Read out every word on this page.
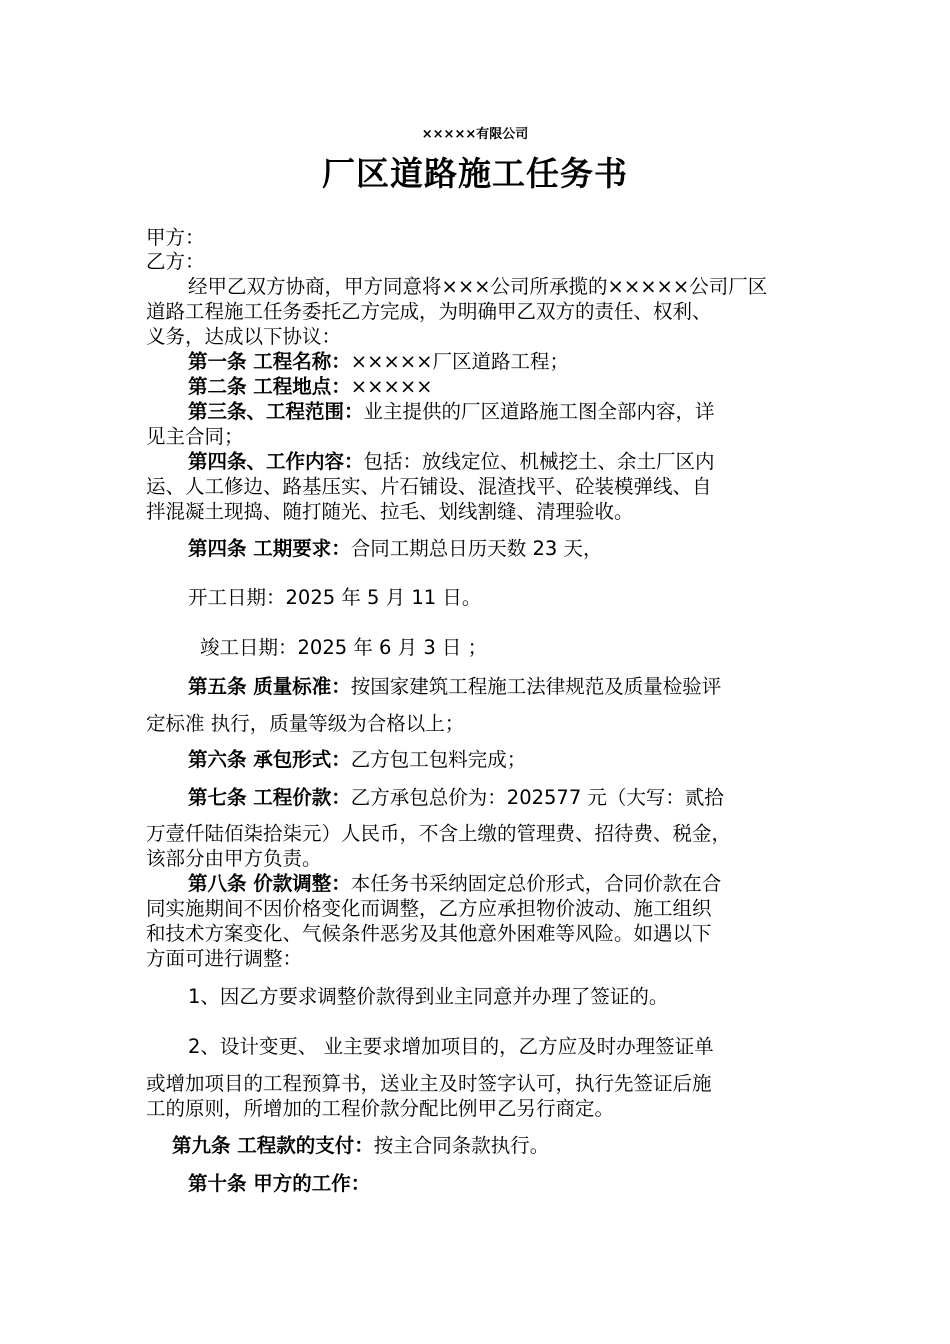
×××××有限公司
厂区道路施工任务书
甲方：
乙方：
经甲乙双方协商，甲方同意将×××公司所承揽的×××××公司厂区
道路工程施工任务委托乙方完成，为明确甲乙双方的责任、权利、
义务，达成以下协议：
第一条 工程名称：×××××厂区道路工程；
第二条 工程地点：×××××
第三条、工程范围：业主提供的厂区道路施工图全部内容，详
见主合同；
第四条、工作内容：包括：放线定位、机械挖土、余土厂区内
运、人工修边、路基压实、片石铺设、混渣找平、砼装模弹线、自
拌混凝土现捣、随打随光、拉毛、划线割缝、清理验收。
第四条 工期要求：合同工期总日历天数 23 天，
开工日期：2025 年 5 月 11 日。
竣工日期：2025 年 6 月 3 日 ；
第五条 质量标准：按国家建筑工程施工法律规范及质量检验评
定标准 执行，质量等级为合格以上；
第六条 承包形式：乙方包工包料完成；
第七条 工程价款：乙方承包总价为：202577 元（大写：贰拾
万壹仟陆佰柒拾柒元）人民币，不含上缴的管理费、招待费、税金，
该部分由甲方负责。
第八条 价款调整：本任务书采纳固定总价形式，合同价款在合
同实施期间不因价格变化而调整，乙方应承担物价波动、施工组织
和技术方案变化、气候条件恶劣及其他意外困难等风险。如遇以下
方面可进行调整：
1、因乙方要求调整价款得到业主同意并办理了签证的。
2、设计变更、 业主要求增加项目的，乙方应及时办理签证单
或增加项目的工程预算书，送业主及时签字认可，执行先签证后施
工的原则，所增加的工程价款分配比例甲乙另行商定。
第九条 工程款的支付：按主合同条款执行。
第十条 甲方的工作：
